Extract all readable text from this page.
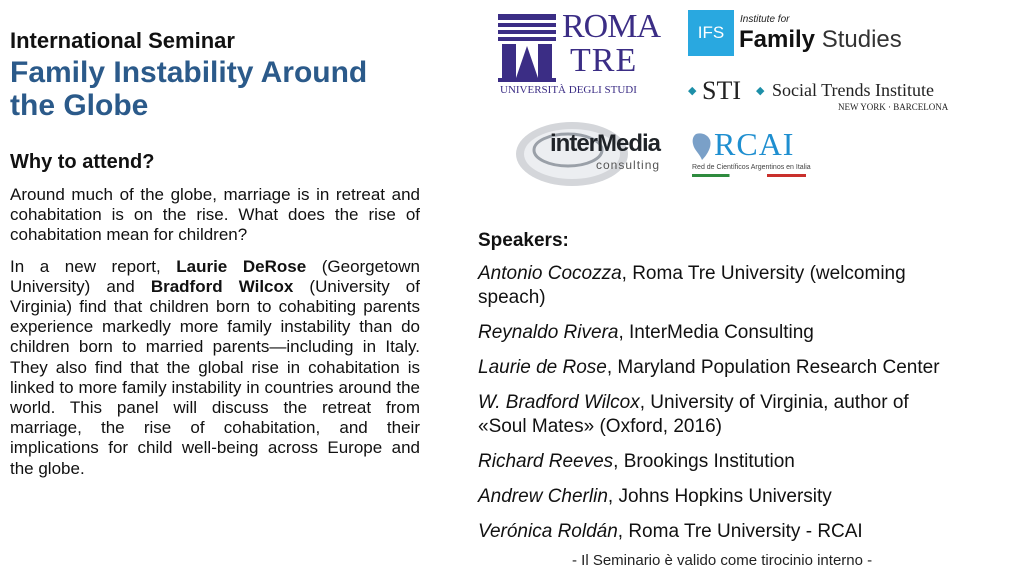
International Seminar
Family Instability Around
the Globe
Why to attend?
Around much of the globe, marriage is in retreat and cohabitation is on the rise. What does the rise of cohabitation mean for children?
In a new report, Laurie DeRose (Georgetown University) and Bradford Wilcox (University of Virginia) find that children born to cohabiting parents experience markedly more family instability than do children born to married parents—including in Italy. They also find that the global rise in cohabitation is linked to more family instability in countries around the world. This panel will discuss the retreat from marriage, the rise of cohabitation, and their implications for child well-being across Europe and the globe.
ROMA
TRE
UNIVERSITÀ DEGLI STUDI
IFS
Institute for
Family Studies
◆ STI ◆ Social Trends Institute
NEW YORK · BARCELONA
interMedia
consulting
RCAI
Red de Científicos Argentinos en Italia
Speakers:
Antonio Cocozza, Roma Tre University (welcoming
speach)
Reynaldo Rivera, InterMedia Consulting
Laurie de Rose, Maryland Population Research Center
W. Bradford Wilcox, University of Virginia, author of
«Soul Mates» (Oxford, 2016)
Richard Reeves, Brookings Institution
Andrew Cherlin, Johns Hopkins University
Verónica Roldán, Roma Tre University - RCAI
- Il Seminario è valido come tirocinio interno -
